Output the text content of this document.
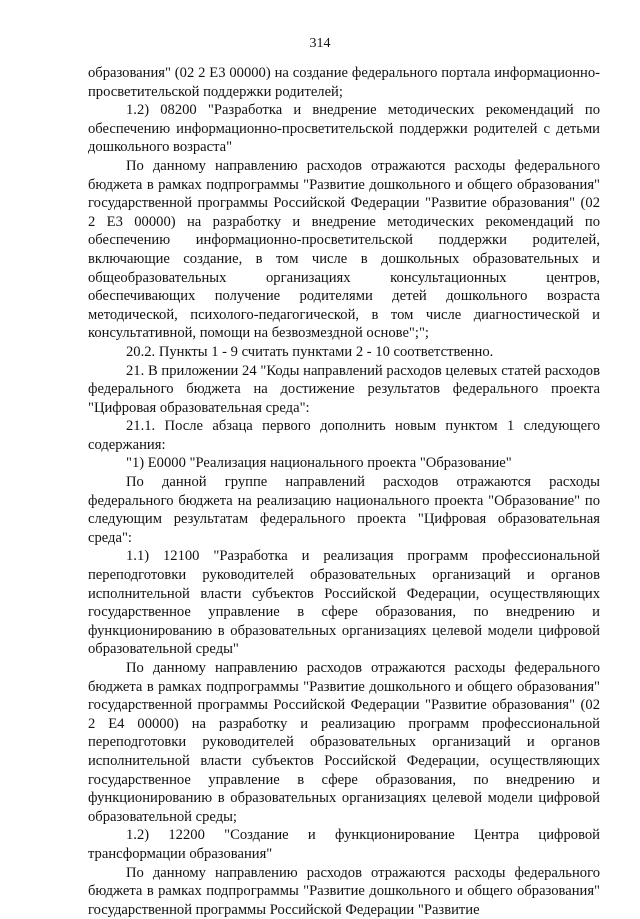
314

образования" (02 2 Е3 00000) на создание федерального портала информационно-просветительской поддержки родителей;

1.2) 08200 "Разработка и внедрение методических рекомендаций по обеспечению информационно-просветительской поддержки родителей с детьми дошкольного возраста"

По данному направлению расходов отражаются расходы федерального бюджета в рамках подпрограммы "Развитие дошкольного и общего образования" государственной программы Российской Федерации "Развитие образования" (02 2 Е3 00000) на разработку и внедрение методических рекомендаций по обеспечению информационно-просветительской поддержки родителей, включающие создание, в том числе в дошкольных образовательных и общеобразовательных организациях консультационных центров, обеспечивающих получение родителями детей дошкольного возраста методической, психолого-педагогической, в том числе диагностической и консультативной, помощи на безвозмездной основе";";

20.2. Пункты 1 - 9 считать пунктами 2 - 10 соответственно.

21. В приложении 24 "Коды направлений расходов целевых статей расходов федерального бюджета на достижение результатов федерального проекта "Цифровая образовательная среда":

21.1. После абзаца первого дополнить новым пунктом 1 следующего содержания:

"1) Е0000 "Реализация национального проекта "Образование"

По данной группе направлений расходов отражаются расходы федерального бюджета на реализацию национального проекта "Образование" по следующим результатам федерального проекта "Цифровая образовательная среда":

1.1) 12100 "Разработка и реализация программ профессиональной переподготовки руководителей образовательных организаций и органов исполнительной власти субъектов Российской Федерации, осуществляющих государственное управление в сфере образования, по внедрению и функционированию в образовательных организациях целевой модели цифровой образовательной среды"

По данному направлению расходов отражаются расходы федерального бюджета в рамках подпрограммы "Развитие дошкольного и общего образования" государственной программы Российской Федерации "Развитие образования" (02 2 Е4 00000) на разработку и реализацию программ профессиональной переподготовки руководителей образовательных организаций и органов исполнительной власти субъектов Российской Федерации, осуществляющих государственное управление в сфере образования, по внедрению и функционированию в образовательных организациях целевой модели цифровой образовательной среды;

1.2) 12200 "Создание и функционирование Центра цифровой трансформации образования"

По данному направлению расходов отражаются расходы федерального бюджета в рамках подпрограммы "Развитие дошкольного и общего образования" государственной программы Российской Федерации "Развитие
